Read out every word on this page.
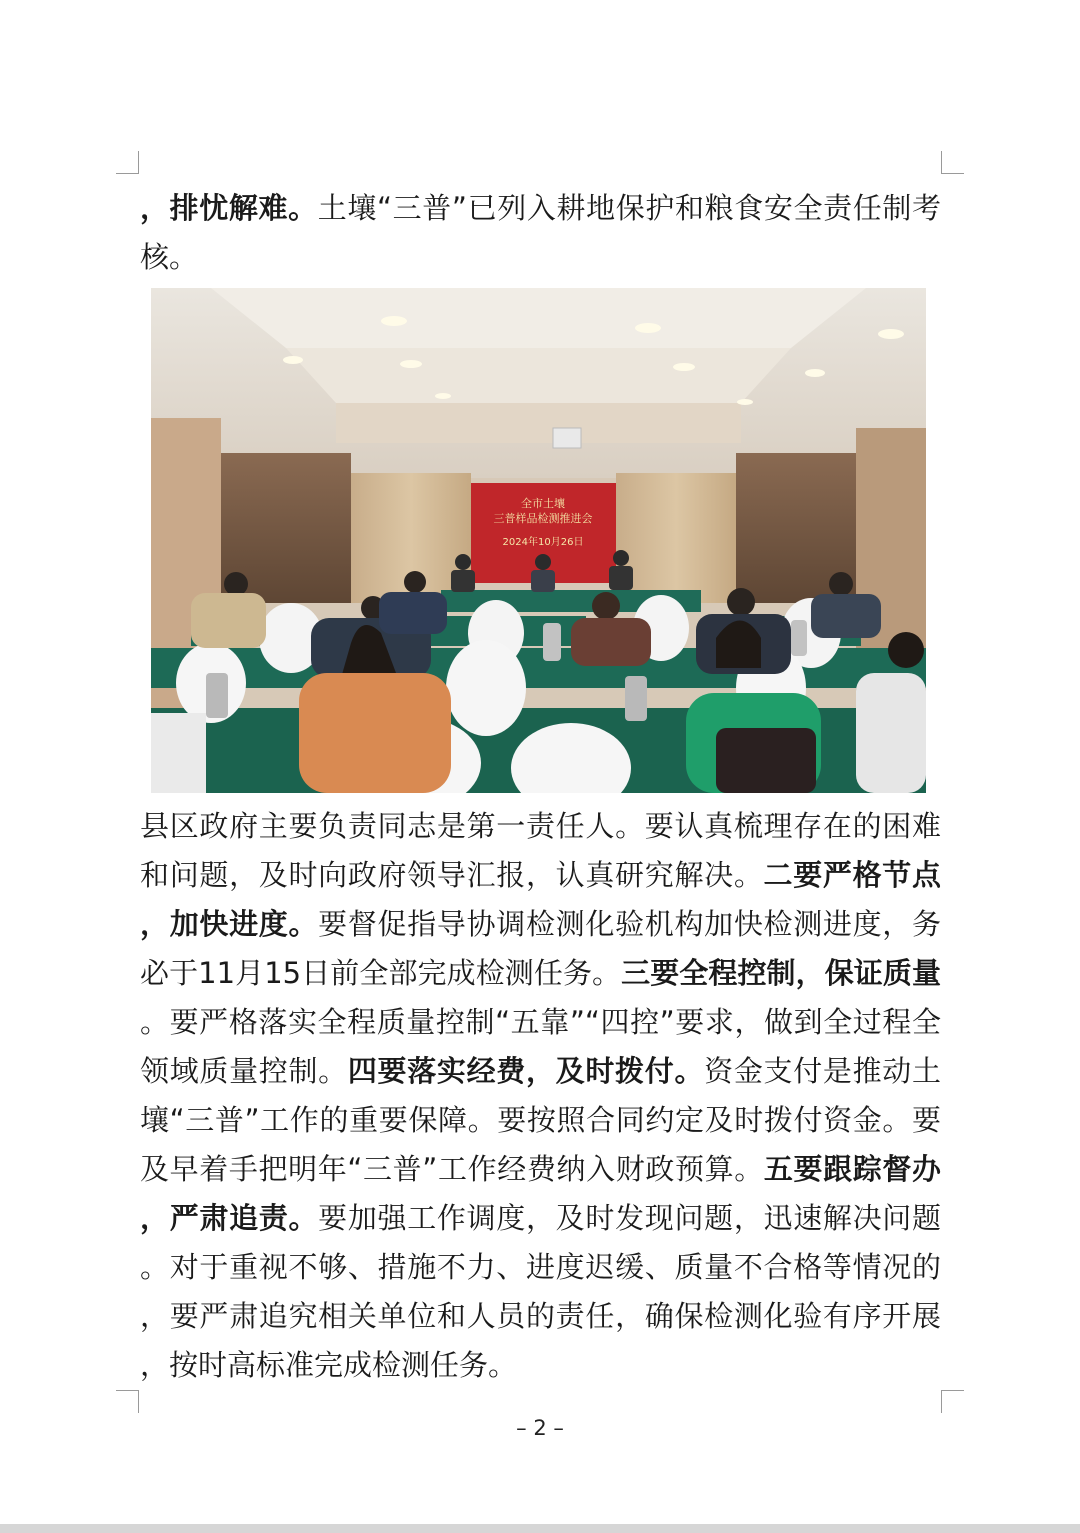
，排忧解难。土壤“三普”已列入耕地保护和粮食安全责任制考
核。
全市土壤
三普样品检测推进会
2024年10月26日
县区政府主要负责同志是第一责任人。要认真梳理存在的困难
和问题，及时向政府领导汇报，认真研究解决。二要严格节点
，加快进度。要督促指导协调检测化验机构加快检测进度，务
必于11月15日前全部完成检测任务。三要全程控制，保证质量
。要严格落实全程质量控制“五靠”“四控”要求，做到全过程全
领域质量控制。四要落实经费，及时拨付。资金支付是推动土
壤“三普”工作的重要保障。要按照合同约定及时拨付资金。要
及早着手把明年“三普”工作经费纳入财政预算。五要跟踪督办
，严肃追责。要加强工作调度，及时发现问题，迅速解决问题
。对于重视不够、措施不力、进度迟缓、质量不合格等情况的
，要严肃追究相关单位和人员的责任，确保检测化验有序开展
，按时高标准完成检测任务。
– 2 –
